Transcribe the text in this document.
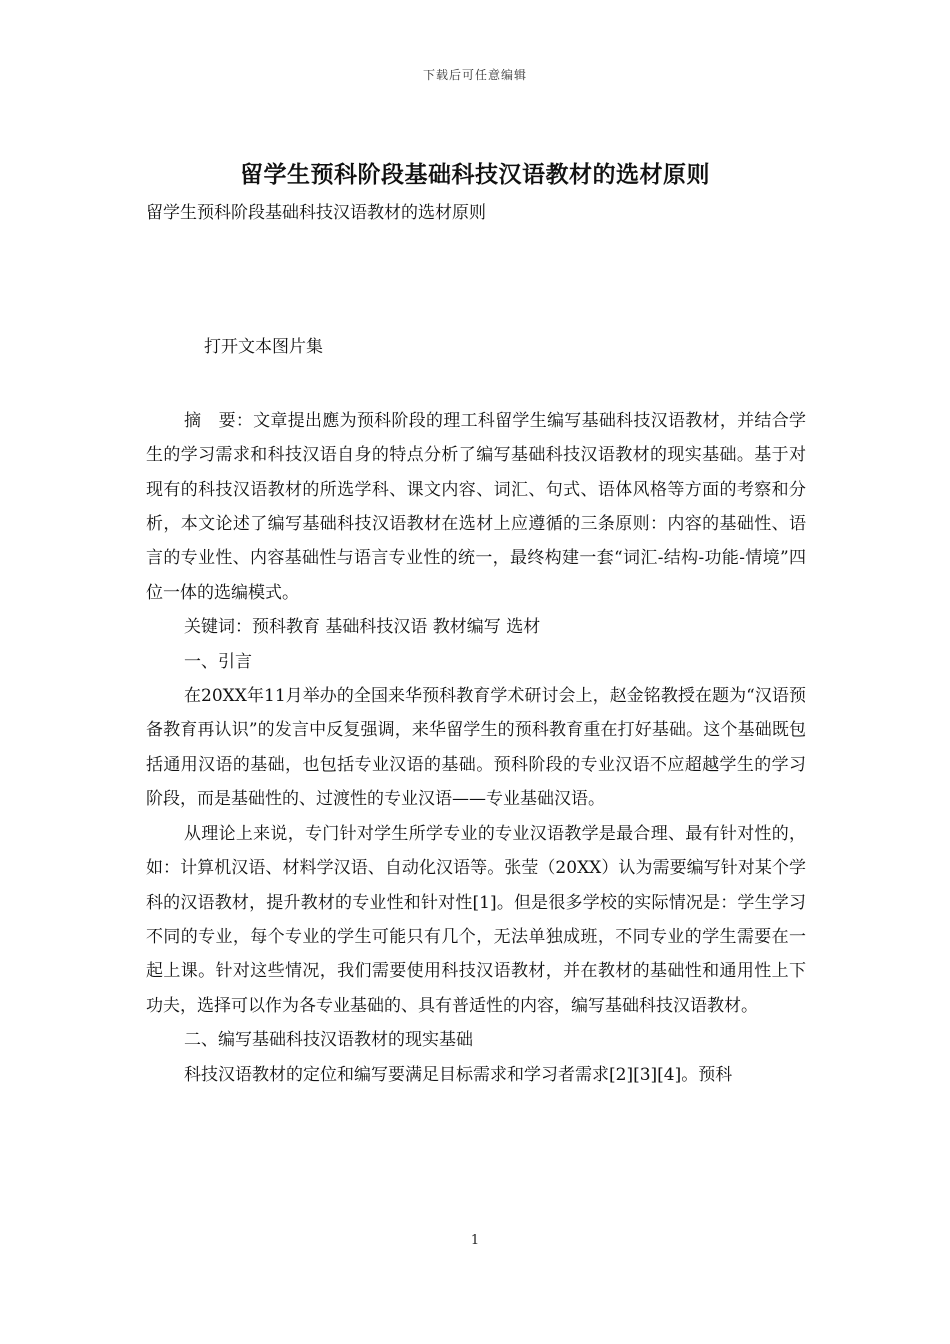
下载后可任意编辑
留学生预科阶段基础科技汉语教材的选材原则

留学生预科阶段基础科技汉语教材的选材原则

打开文本图片集

摘　要：文章提出應为预科阶段的理工科留学生编写基础科技汉语教材，并结合学生的学习需求和科技汉语自身的特点分析了编写基础科技汉语教材的现实基础。基于对现有的科技汉语教材的所选学科、课文内容、词汇、句式、语体风格等方面的考察和分析，本文论述了编写基础科技汉语教材在选材上应遵循的三条原则：内容的基础性、语言的专业性、内容基础性与语言专业性的统一，最终构建一套“词汇-结构-功能-情境”四位一体的选编模式。

关键词：预科教育 基础科技汉语 教材编写 选材

一、引言

在20XX年11月举办的全国来华预科教育学术研讨会上，赵金铭教授在题为“汉语预备教育再认识”的发言中反复强调，来华留学生的预科教育重在打好基础。这个基础既包括通用汉语的基础，也包括专业汉语的基础。预科阶段的专业汉语不应超越学生的学习阶段，而是基础性的、过渡性的专业汉语——专业基础汉语。

从理论上来说，专门针对学生所学专业的专业汉语教学是最合理、最有针对性的，如：计算机汉语、材料学汉语、自动化汉语等。张莹（20XX）认为需要编写针对某个学科的汉语教材，提升教材的专业性和针对性[1]。但是很多学校的实际情况是：学生学习不同的专业，每个专业的学生可能只有几个，无法单独成班，不同专业的学生需要在一起上课。针对这些情况，我们需要使用科技汉语教材，并在教材的基础性和通用性上下功夫，选择可以作为各专业基础的、具有普适性的内容，编写基础科技汉语教材。

二、编写基础科技汉语教材的现实基础

科技汉语教材的定位和编写要满足目标需求和学习者需求[2][3][4]。预科

1
